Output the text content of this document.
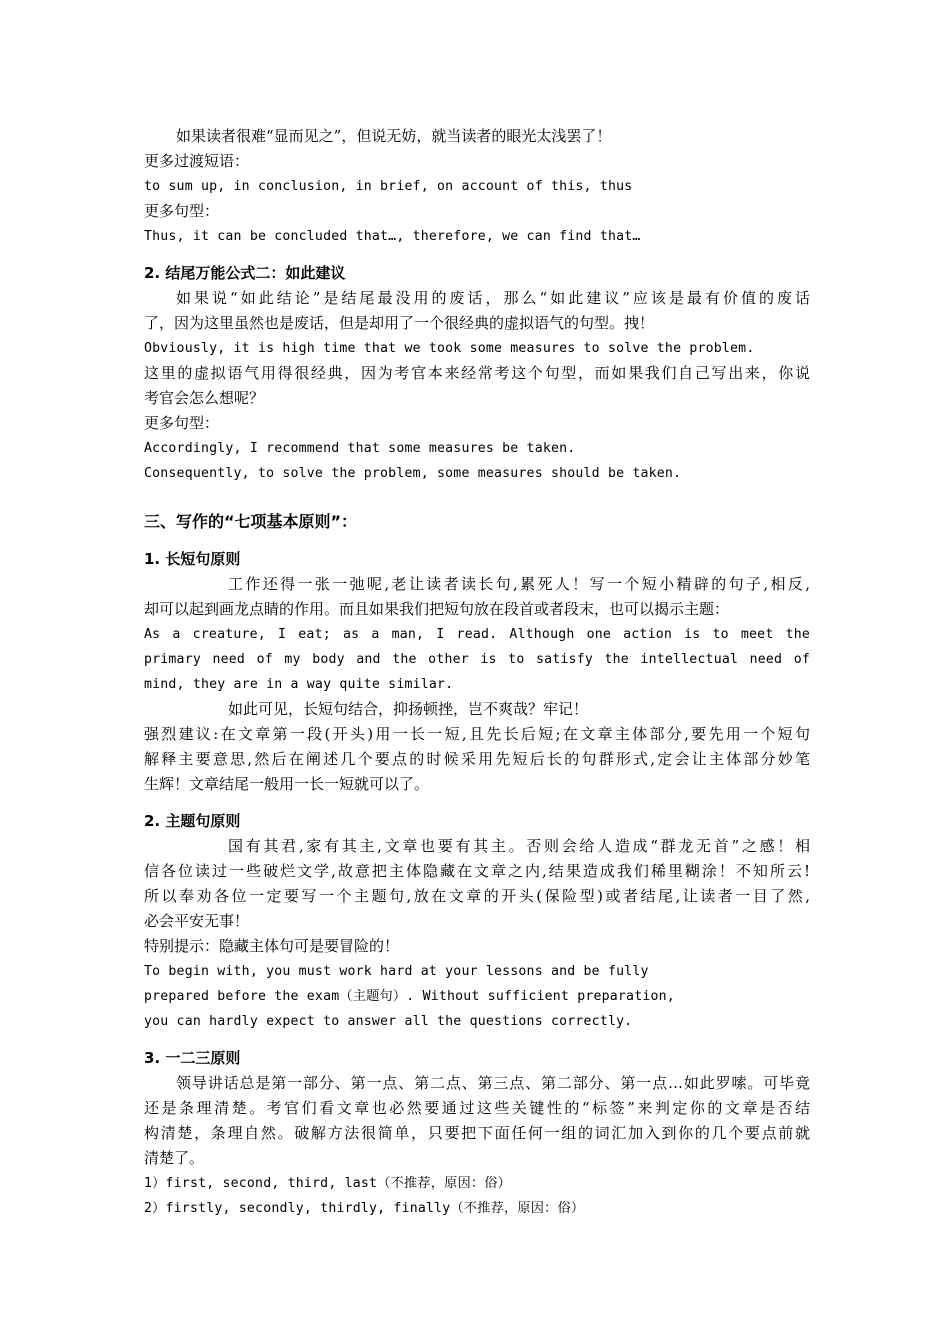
如果读者很难“显而见之”，但说无妨，就当读者的眼光太浅罢了！
更多过渡短语：
to sum up, in conclusion, in brief, on account of this, thus
更多句型：
Thus, it can be concluded that…, therefore, we can find that…
2. 结尾万能公式二：如此建议
如果说“如此结论”是结尾最没用的废话，那么“如此建议”应该是最有价值的废话
了，因为这里虽然也是废话，但是却用了一个很经典的虚拟语气的句型。拽！
Obviously, it is high time that we took some measures to solve the problem.
这里的虚拟语气用得很经典，因为考官本来经常考这个句型，而如果我们自己写出来，你说
考官会怎么想呢？
更多句型：
Accordingly, I recommend that some measures be taken.
Consequently, to solve the problem, some measures should be taken.
三、写作的“七项基本原则”：
1. 长短句原则
工作还得一张一弛呢,老让读者读长句,累死人！写一个短小精辟的句子,相反,
却可以起到画龙点睛的作用。而且如果我们把短句放在段首或者段末，也可以揭示主题：
As a creature, I eat; as a man, I read. Although one action is to meet the
primary need of my body and the other is to satisfy the intellectual need of
mind, they are in a way quite similar.
如此可见，长短句结合，抑扬顿挫，岂不爽哉？牢记！
强烈建议:在文章第一段(开头)用一长一短,且先长后短;在文章主体部分,要先用一个短句
解释主要意思,然后在阐述几个要点的时候采用先短后长的句群形式,定会让主体部分妙笔
生辉！文章结尾一般用一长一短就可以了。
2. 主题句原则
国有其君,家有其主,文章也要有其主。否则会给人造成“群龙无首”之感！相
信各位读过一些破烂文学,故意把主体隐藏在文章之内,结果造成我们稀里糊涂！不知所云!
所以奉劝各位一定要写一个主题句,放在文章的开头(保险型)或者结尾,让读者一目了然,
必会平安无事！
特别提示：隐藏主体句可是要冒险的！
To begin with, you must work hard at your lessons and be fully
prepared before the exam（主题句）. Without sufficient preparation,
you can hardly expect to answer all the questions correctly.
3. 一二三原则
领导讲话总是第一部分、第一点、第二点、第三点、第二部分、第一点…如此罗嗦。可毕竟
还是条理清楚。考官们看文章也必然要通过这些关键性的“标签”来判定你的文章是否结
构清楚，条理自然。破解方法很简单，只要把下面任何一组的词汇加入到你的几个要点前就
清楚了。
1）first, second, third, last（不推荐，原因：俗）
2）firstly, secondly, thirdly, finally（不推荐，原因：俗）
